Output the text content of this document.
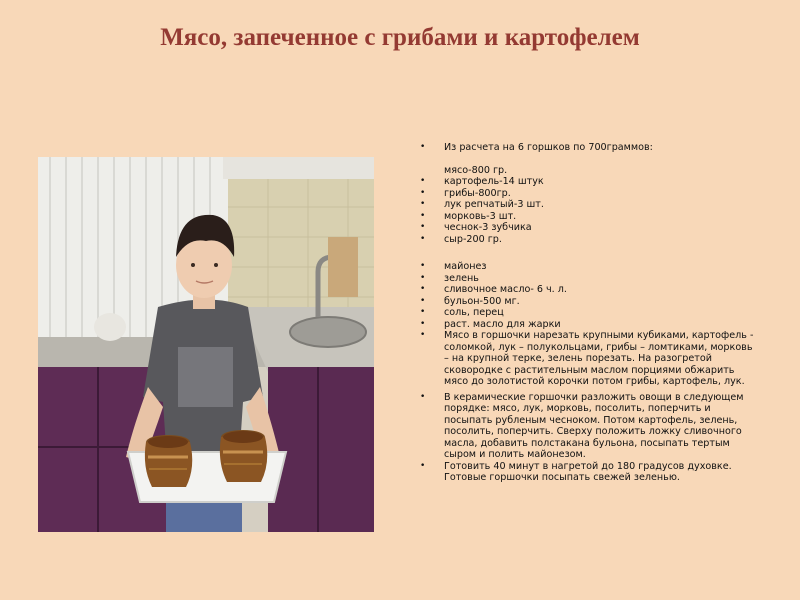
Мясо, запеченное с грибами и картофелем
• Из расчета на 6 горшков по 700граммов:
мясо-800 гр.
• картофель-14 штук
• грибы-800гр.
• лук репчатый-3 шт.
• морковь-3 шт.
• чеснок-3 зубчика
• сыр-200 гр.
• майонез
• зелень
• сливочное масло- 6 ч. л.
• бульон-500 мг.
• соль, перец
• раст. масло для жарки
• Мясо в горшочки нарезать крупными кубиками, картофель - соломкой, лук – полукольцами, грибы – ломтиками, морковь – на крупной терке, зелень порезать. На разогретой сковородке с растительным маслом порциями обжарить мясо до золотистой корочки потом грибы, картофель, лук.
• В керамические горшочки разложить овощи в следующем порядке: мясо, лук, морковь, посолить, поперчить и посыпать рубленым чесноком. Потом картофель, зелень, посолить, поперчить. Сверху положить ложку сливочного масла, добавить полстакана бульона, посыпать тертым сыром и полить майонезом.
• Готовить 40 минут в нагретой до 180 градусов духовке. Готовые горшочки посыпать свежей зеленью.
